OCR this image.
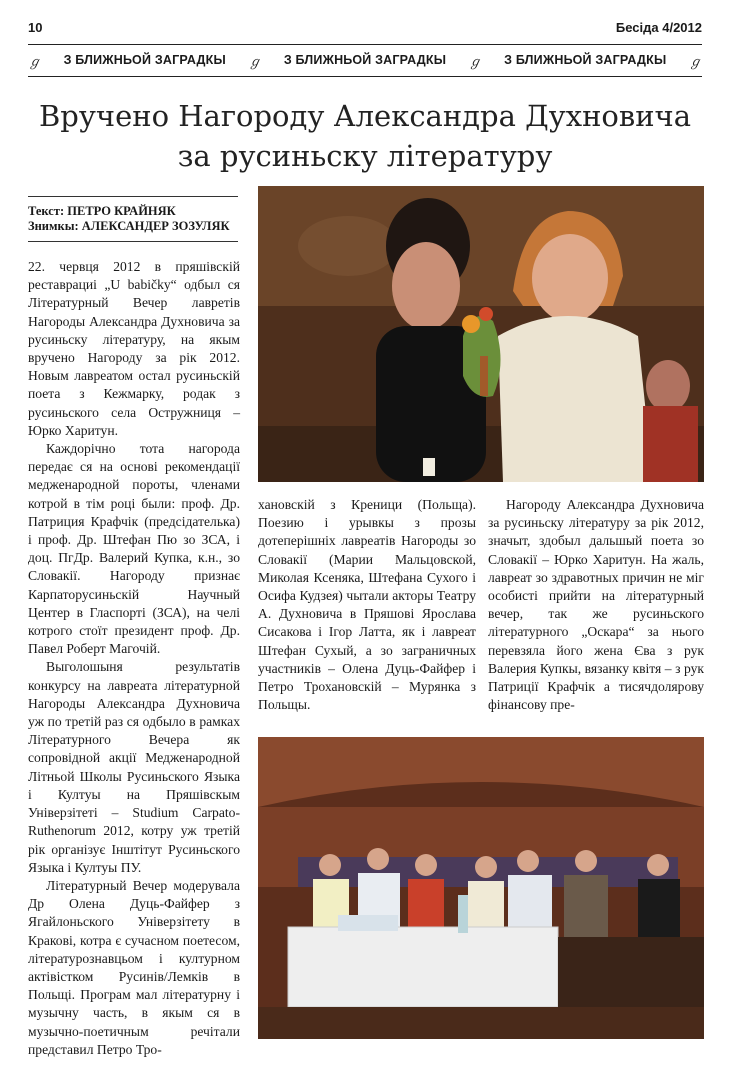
10	Бесіда 4/2012
ℊ З БЛИЖНЬОЙ ЗАГРАДКЫ ℊ З БЛИЖНЬОЙ ЗАГРАДКЫ ℊ З БЛИЖНЬОЙ ЗАГРАДКЫ ℊ
Вручено Нагороду Александра Духновича
за русиньску літературу

Текст: ПЕТРО КРАЙНЯК

Знимкы: АЛЕКСАНДЕР ЗОЗУЛЯК

22. червця 2012 в пряшівскій реставрациі „U babičky“ одбыл ся Літературный Вечер лавретів Нагороды Александра Духновича за русиньску літературу, на якым вручено Нагороду за рік 2012. Новым лавреатом остал русиньскій поета з Кежмарку, родак з русиньского села Остружниця – Юрко Харитун.

Каждорічно тота нагорода передає ся на основі рекомендації медженародной пороты, членами котрой в тім році были: проф. Др. Патриция Крафчік (предсідателька) і проф. Др. Штефан Пю зо ЗСА, і доц. ПгДр. Валерий Купка, к.н., зо Словакії. Нагороду признає Карпаторусиньскій Научный Центер в Гласпорті (ЗСА), на челі котрого стоїт президент проф. Др. Павел Роберт Магочій.

Выголошыня результатів конкурсу на лавреата літературной Нагороды Александра Духновича уж по третій раз ся одбыло в рамках Літературного Вечера як сопровідной акції Медженародной Літньой Школы Русиньского Языка і Култуы на Пряшівскым Універзітеті – Studium Carpato-Ruthenorum 2012, котру уж третій рік організує Інштітут Русиньского Языка і Култуы ПУ.

Літературный Вечер модерувала Др Олена Дуць-Файфер з Ягайлоньского Універзітету в Кракові, котра є сучасном поетесом, літературознавцьом і културном актівістком Русинів/Лемків в Польщі. Програм мал літературну і музычну часть, в якым ся в музычно-поетичным речітали представил Петро Тро-

хановскій з Креници (Польща). Поезию і урывкы з прозы дотеперішніх лавреатів Нагороды зо Словакії (Марии Мальцовской, Миколая Ксеняка, Штефана Сухого і Осифа Кудзея) чытали акторы Театру А. Духновича в Пряшові Ярослава Сисакова і Ігор Латта, як і лавреат Штефан Сухый, а зо заграничных участників – Олена Дуць-Файфер і Петро Трохановскій – Мурянка з Польщы.

Нагороду Александра Духновича за русиньску літературу за рік 2012, значыт, здобыл дальшый поета зо Словакії – Юрко Харитун. На жаль, лавреат зо здравотных причин не міг особисті прийти на літературный вечер, так же русиньского літературного „Оскара“ за нього перевзяла його жена Єва з рук Валерия Купкы, вязанку квітя – з рук Патриції Крафчік а тисячдолярову фінансову пре-
